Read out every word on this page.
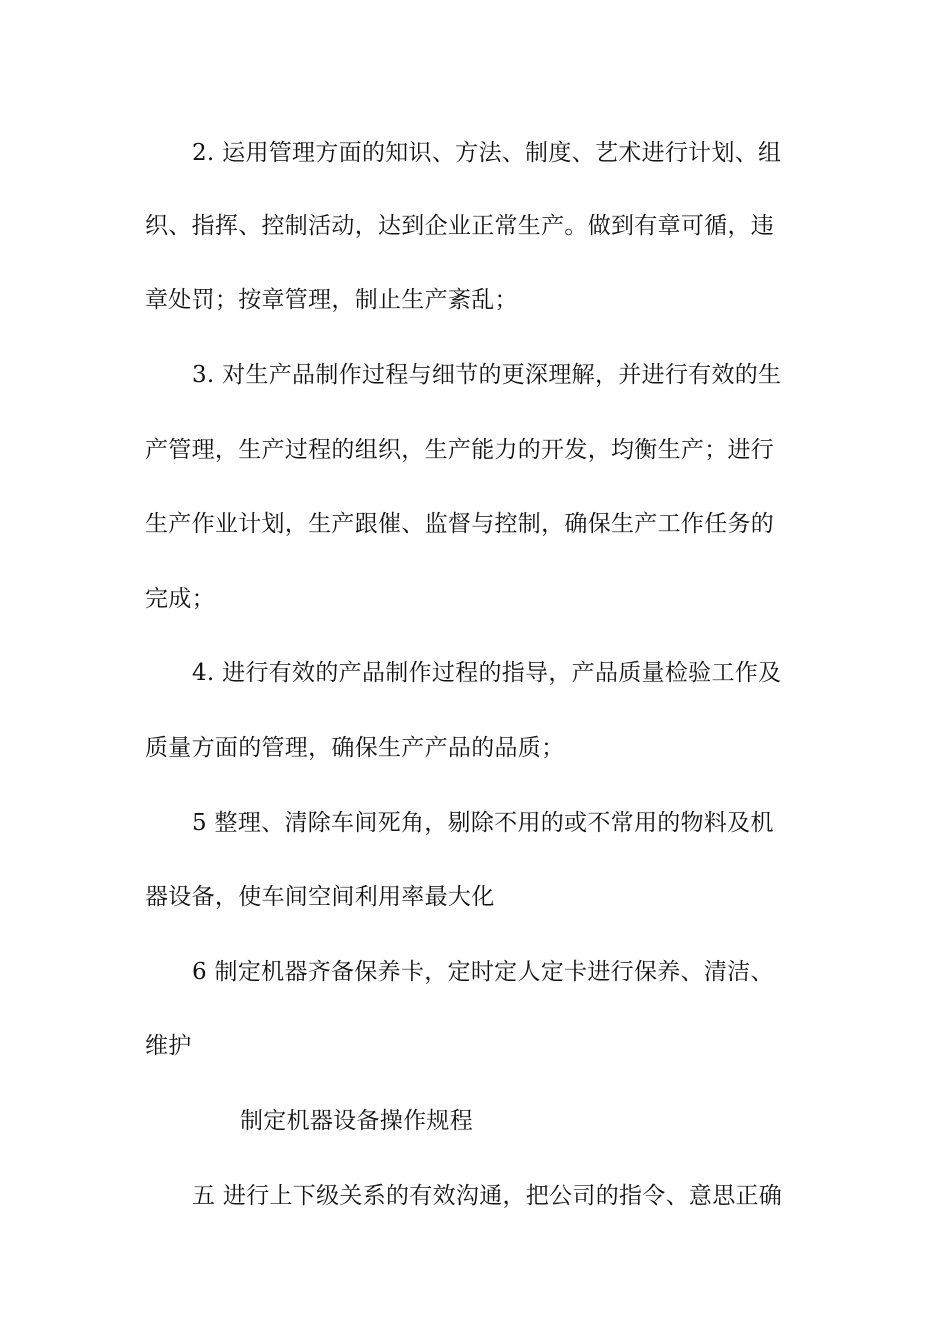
2. 运用管理方面的知识、方法、制度、艺术进行计划、组
织、指挥、控制活动，达到企业正常生产。做到有章可循，违
章处罚；按章管理，制止生产紊乱；
3. 对生产品制作过程与细节的更深理解，并进行有效的生
产管理，生产过程的组织，生产能力的开发，均衡生产；进行
生产作业计划，生产跟催、监督与控制，确保生产工作任务的
完成；
4. 进行有效的产品制作过程的指导，产品质量检验工作及
质量方面的管理，确保生产产品的品质；
5 整理、清除车间死角，剔除不用的或不常用的物料及机
器设备，使车间空间利用率最大化
6 制定机器齐备保养卡，定时定人定卡进行保养、清洁、
维护
制定机器设备操作规程
五 进行上下级关系的有效沟通，把公司的指令、意思正确
